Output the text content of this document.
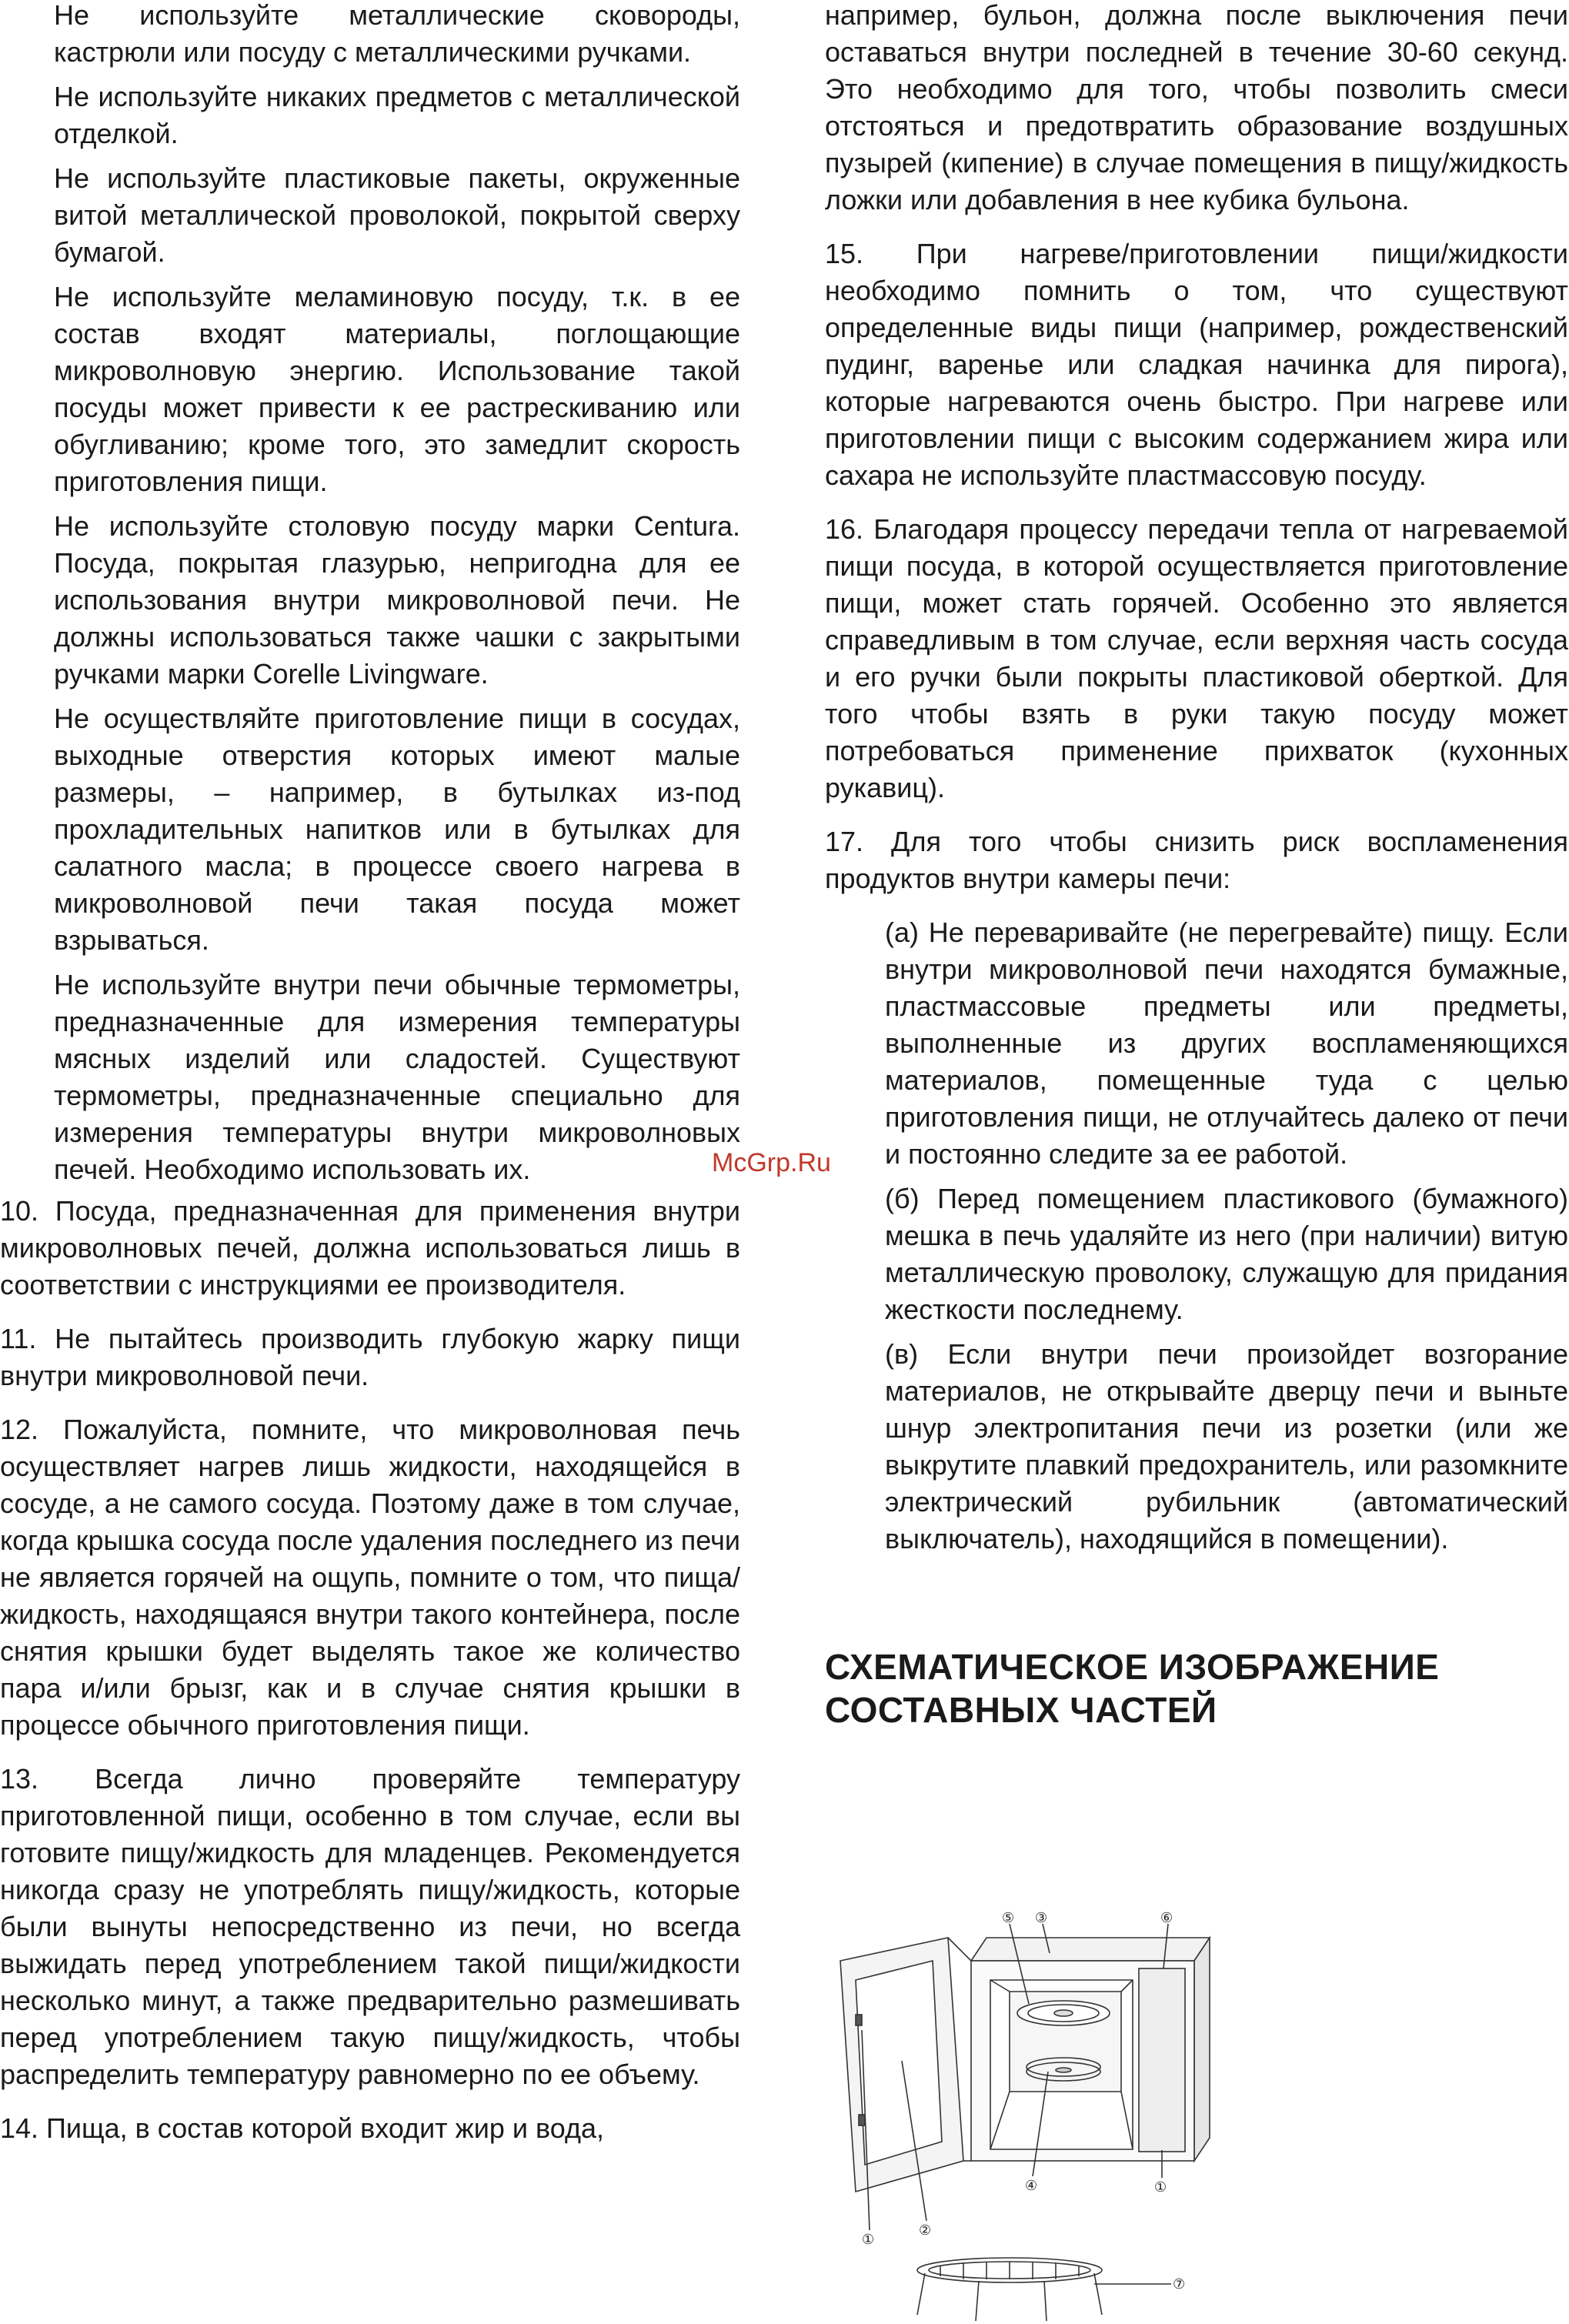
Не используйте металлические сковороды, кастрюли или посуду с металлическими ручками.

Не используйте никаких предметов с металлической отделкой.

Не используйте пластиковые пакеты, окруженные витой металлической проволокой, покрытой сверху бумагой.

Не используйте меламиновую посуду, т.к. в ее состав входят материалы, поглощающие микроволновую энергию. Использование такой посуды может привести к ее растрескиванию или обугливанию; кроме того, это замедлит скорость приготовления пищи.

Не используйте столовую посуду марки Centura. Посуда, покрытая глазурью, непригодна для ее использования внутри микроволновой печи. Не должны использоваться также чашки с закрытыми ручками марки Corelle Livingware.

Не осуществляйте приготовление пищи в сосудах, выходные отверстия которых имеют малые размеры, – например, в бутылках из-под прохладительных напитков или в бутылках для салатного масла; в процессе своего нагрева в микроволновой печи такая посуда может взрываться.

Не используйте внутри печи обычные термометры, предназначенные для измерения температуры мясных изделий или сладостей. Существуют термометры, предназначенные специально для измерения температуры внутри микроволновых печей. Необходимо использовать их.

10. Посуда, предназначенная для применения внутри микроволновых печей, должна использоваться лишь в соответствии с инструкциями ее производителя.

11. Не пытайтесь производить глубокую жарку пищи внутри микроволновой печи.

12. Пожалуйста, помните, что микроволновая печь осуществляет нагрев лишь жидкости, находящейся в сосуде, а не самого сосуда. Поэтому даже в том случае, когда крышка сосуда после удаления последнего из печи не является горячей на ощупь, помните о том, что пища/жидкость, находящаяся внутри такого контейнера, после снятия крышки будет выделять такое же количество пара и/или брызг, как и в случае снятия крышки в процессе обычного приготовления пищи.

13. Всегда лично проверяйте температуру приготовленной пищи, особенно в том случае, если вы готовите пищу/жидкость для младенцев. Рекомендуется никогда сразу не употреблять пищу/жидкость, которые были вынуты непосредственно из печи, но всегда выжидать перед употреблением такой пищи/жидкости несколько минут, а также предварительно размешивать перед употреблением такую пищу/жидкость, чтобы распределить температуру равномерно по ее объему.

14. Пища, в состав которой входит жир и вода,

например, бульон, должна после выключения печи оставаться внутри последней в течение 30-60 секунд. Это необходимо для того, чтобы позволить смеси отстояться и предотвратить образование воздушных пузырей (кипение) в случае помещения в пищу/жидкость ложки или добавления в нее кубика бульона.

15. При нагреве/приготовлении пищи/жидкости необходимо помнить о том, что существуют определенные виды пищи (например, рождественский пудинг, варенье или сладкая начинка для пирога), которые нагреваются очень быстро. При нагреве или приготовлении пищи с высоким содержанием жира или сахара не используйте пластмассовую посуду.

16. Благодаря процессу передачи тепла от нагреваемой пищи посуда, в которой осуществляется приготовление пищи, может стать горячей. Особенно это является справедливым в том случае, если верхняя часть сосуда и его ручки были покрыты пластиковой оберткой. Для того чтобы взять в руки такую посуду может потребоваться применение прихваток (кухонных рукавиц).

17. Для того чтобы снизить риск воспламенения продуктов внутри камеры печи:

(а) Не переваривайте (не перегревайте) пищу. Если внутри микроволновой печи находятся бумажные, пластмассовые предметы или предметы, выполненные из других воспламеняющихся материалов, помещенные туда с целью приготовления пищи, не отлучайтесь далеко от печи и постоянно следите за ее работой.

(б) Перед помещением пластикового (бумажного) мешка в печь удаляйте из него (при наличии) витую металлическую проволоку, служащую для придания жесткости последнему.

(в) Если внутри печи произойдет возгорание материалов, не открывайте дверцу печи и выньте шнур электропитания печи из розетки (или же выкрутите плавкий предохранитель, или разомкните электрический рубильник (автоматический выключатель), находящийся в помещении).

СХЕМАТИЧЕСКОЕ ИЗОБРАЖЕНИЕ
СОСТАВНЫХ ЧАСТЕЙ
McGrp.Ru
⑤ ③	⑥
④	①
①
②
⑦
